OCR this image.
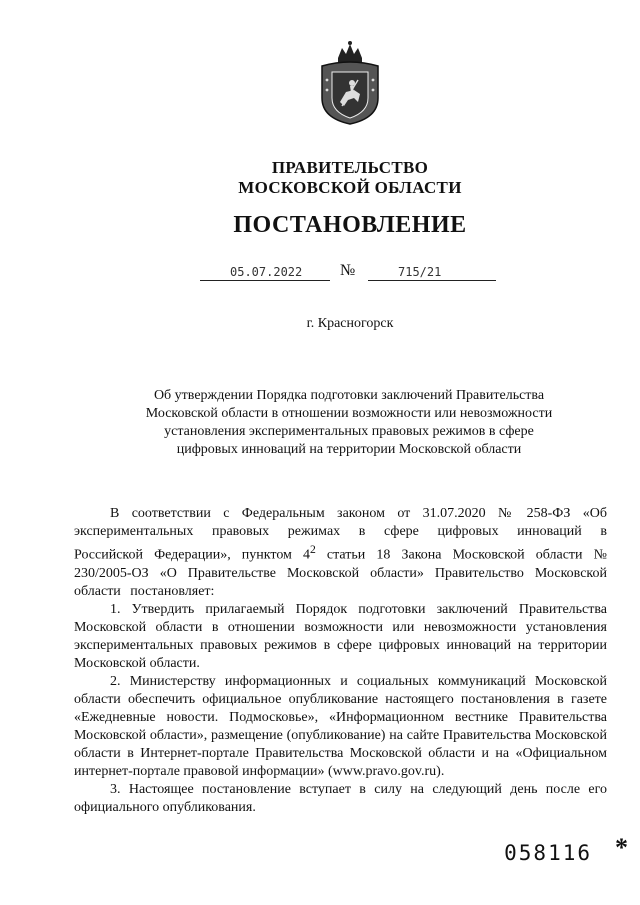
ПРАВИТЕЛЬСТВО
МОСКОВСКОЙ ОБЛАСТИ
ПОСТАНОВЛЕНИЕ
05.07.2022 №	715/21
г. Красногорск
Об утверждении Порядка подготовки заключений Правительства
Московской области в отношении возможности или невозможности
установления экспериментальных правовых режимов в сфере
цифровых инноваций на территории Московской области

В соответствии с Федеральным законом от 31.07.2020 № 258-ФЗ «Об экспериментальных правовых режимах в сфере цифровых инноваций в Российской Федерации», пунктом $4^2$ статьи 18 Закона Московской области № 230/2005-ОЗ «О Правительстве Московской области» Правительство Московской области постановляет:

1. Утвердить прилагаемый Порядок подготовки заключений Правительства Московской области в отношении возможности или невозможности установления экспериментальных правовых режимов в сфере цифровых инноваций на территории Московской области.

2. Министерству информационных и социальных коммуникаций Московской области обеспечить официальное опубликование настоящего постановления в газете «Ежедневные новости. Подмосковье», «Информационном вестнике Правительства Московской области», размещение (опубликование) на сайте Правительства Московской области в Интернет-портале Правительства Московской области и на «Официальном интернет-портале правовой информации» (www.pravo.gov.ru).

3. Настоящее постановление вступает в силу на следующий день после его официального опубликования.

058116 *
